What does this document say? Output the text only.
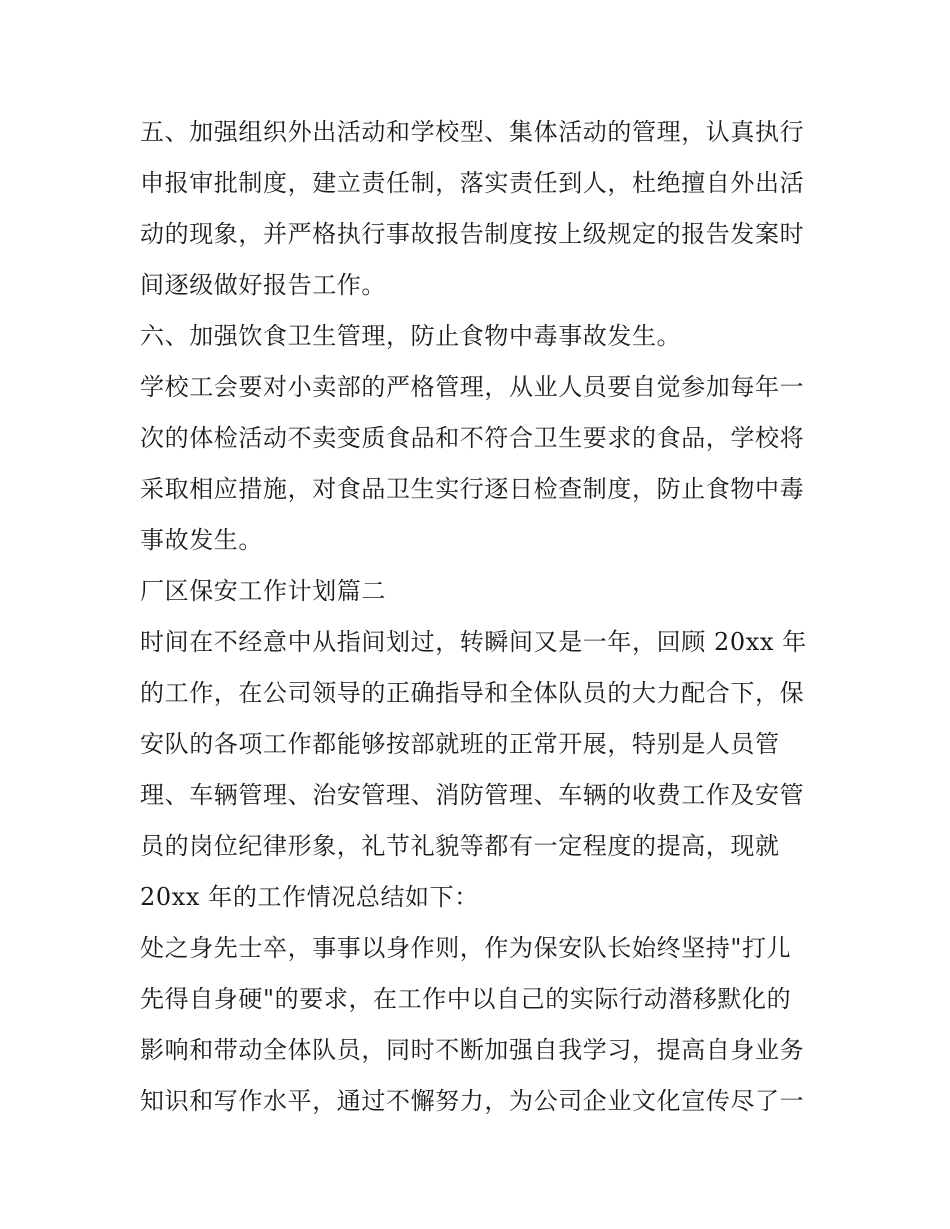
五、加强组织外出活动和学校型、集体活动的管理，认真执行
申报审批制度，建立责任制，落实责任到人，杜绝擅自外出活
动的现象，并严格执行事故报告制度按上级规定的报告发案时
间逐级做好报告工作。
六、加强饮食卫生管理，防止食物中毒事故发生。
学校工会要对小卖部的严格管理，从业人员要自觉参加每年一
次的体检活动不卖变质食品和不符合卫生要求的食品，学校将
采取相应措施，对食品卫生实行逐日检查制度，防止食物中毒
事故发生。
厂区保安工作计划篇二
时间在不经意中从指间划过，转瞬间又是一年，回顾 20xx 年
的工作，在公司领导的正确指导和全体队员的大力配合下，保
安队的各项工作都能够按部就班的正常开展，特别是人员管
理、车辆管理、治安管理、消防管理、车辆的收费工作及安管
员的岗位纪律形象，礼节礼貌等都有一定程度的提高，现就
20xx 年的工作情况总结如下：
处之身先士卒，事事以身作则，作为保安队长始终坚持"打儿
先得自身硬"的要求，在工作中以自己的实际行动潜移默化的
影响和带动全体队员，同时不断加强自我学习，提高自身业务
知识和写作水平，通过不懈努力，为公司企业文化宣传尽了一
